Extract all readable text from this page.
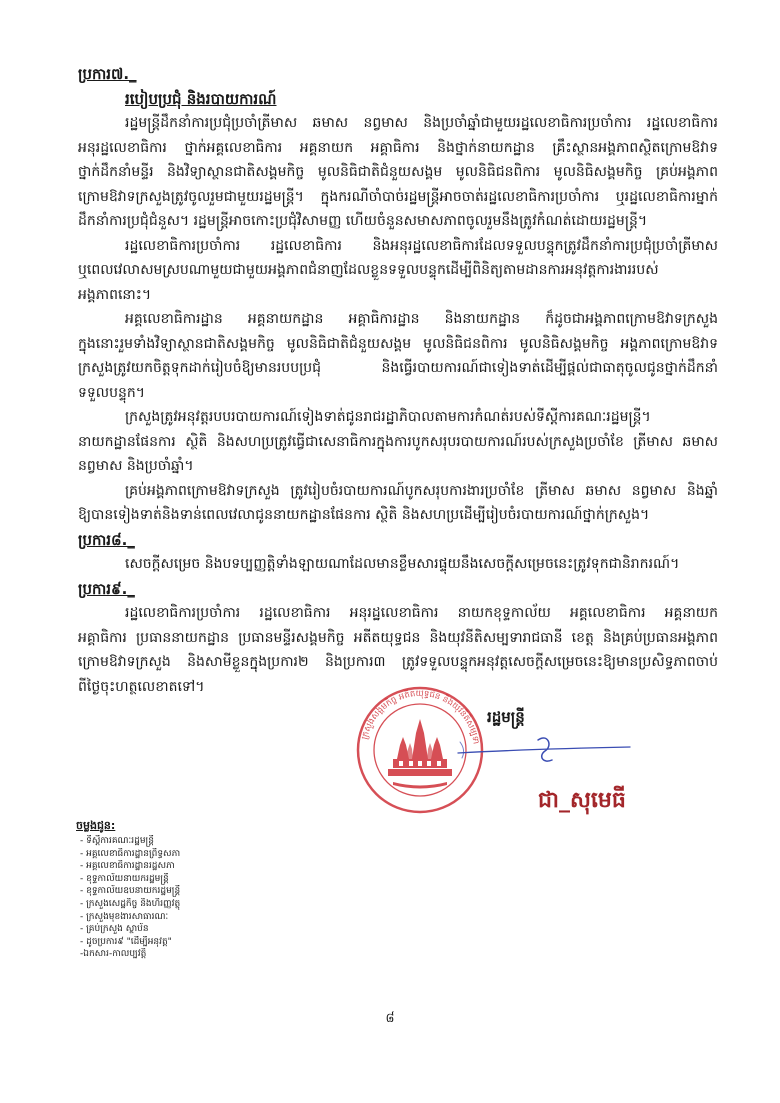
ប្រការ៧._
របៀបប្រជុំ និងរបាយការណ៍
រដ្ឋមន្ត្រីដឹកនាំការប្រជុំប្រចាំត្រីមាស ឆមាស នព្វមាស និងប្រចាំឆ្នាំជាមួយរដ្ឋលេខាធិការប្រចាំការ រដ្ឋលេខាធិការ
អនុរដ្ឋលេខាធិការ ថ្នាក់អគ្គលេខាធិការ អគ្គនាយក អគ្គាធិការ និងថ្នាក់នាយកដ្ឋាន គ្រឹះស្ថានអង្គភាពស្ថិតក្រោមឱវាទ
ថ្នាក់ដឹកនាំមន្ទីរ និងវិទ្យាស្ថានជាតិសង្គមកិច្ច មូលនិធិជាតិជំនួយសង្គម មូលនិធិជនពិការ មូលនិធិសង្គមកិច្ច គ្រប់អង្គភាព
ក្រោមឱវាទក្រសួងត្រូវចូលរួមជាមួយរដ្ឋមន្ត្រី។ ក្នុងករណីចាំបាច់រដ្ឋមន្ត្រីអាចចាត់រដ្ឋលេខាធិការប្រចាំការ ឬរដ្ឋលេខាធិការម្នាក់
ដឹកនាំការប្រជុំជំនួស។ រដ្ឋមន្ត្រីអាចកោះប្រជុំវិសាមញ្ញ ហើយចំនួនសមាសភាពចូលរួមនឹងត្រូវកំណត់ដោយរដ្ឋមន្ត្រី។
រដ្ឋលេខាធិការប្រចាំការ រដ្ឋលេខាធិការ និងអនុរដ្ឋលេខាធិការដែលទទួលបន្ទុកត្រូវដឹកនាំការប្រជុំប្រចាំត្រីមាស
ឬពេលវេលាសមស្របណាមួយជាមួយអង្គភាពជំនាញដែលខ្លួនទទួលបន្ទុកដើម្បីពិនិត្យតាមដានការអនុវត្តការងាររបស់
អង្គភាពនោះ។
អគ្គលេខាធិការដ្ឋាន អគ្គនាយកដ្ឋាន អគ្គាធិការដ្ឋាន និងនាយកដ្ឋាន ក៏ដូចជាអង្គភាពក្រោមឱវាទក្រសួង
ក្នុងនោះរួមទាំងវិទ្យាស្ថានជាតិសង្គមកិច្ច មូលនិធិជាតិជំនួយសង្គម មូលនិធិជនពិការ មូលនិធិសង្គមកិច្ច អង្គភាពក្រោមឱវាទ
ក្រសួងត្រូវយកចិត្តទុកដាក់រៀបចំឱ្យមានរបបប្រជុំ និងធ្វើរបាយការណ៍ជាទៀងទាត់ដើម្បីផ្ដល់ជាធាតុចូលជូនថ្នាក់ដឹកនាំ
ទទួលបន្ទុក។
ក្រសួងត្រូវអនុវត្តរបបរបាយការណ៍ទៀងទាត់ជូនរាជរដ្ឋាភិបាលតាមការកំណត់របស់ទីស្ដីការគណៈរដ្ឋមន្ត្រី។
នាយកដ្ឋានផែនការ ស្ថិតិ និងសហប្រត្រូវធ្វើជាសេនាធិការក្នុងការបូកសរុបរបាយការណ៍របស់ក្រសួងប្រចាំខែ ត្រីមាស ឆមាស
នព្វមាស និងប្រចាំឆ្នាំ។
គ្រប់អង្គភាពក្រោមឱវាទក្រសួង ត្រូវរៀបចំរបាយការណ៍បូកសរុបការងារប្រចាំខែ ត្រីមាស ឆមាស នព្វមាស និងឆ្នាំ
ឱ្យបានទៀងទាត់និងទាន់ពេលវេលាជូននាយកដ្ឋានផែនការ ស្ថិតិ និងសហប្រដើម្បីរៀបចំរបាយការណ៍ថ្នាក់ក្រសួង។
ប្រការ៨._
សេចក្ដីសម្រេច និងបទប្បញ្ញត្តិទាំងឡាយណាដែលមានខ្លឹមសារផ្ទុយនឹងសេចក្ដីសម្រេចនេះត្រូវទុកជានិរាករណ៍។
ប្រការ៩._
រដ្ឋលេខាធិការប្រចាំការ រដ្ឋលេខាធិការ អនុរដ្ឋលេខាធិការ នាយកខុទ្ទកាល័យ អគ្គលេខាធិការ អគ្គនាយក
អគ្គាធិការ ប្រធាននាយកដ្ឋាន ប្រធានមន្ទីរសង្គមកិច្ច អតីតយុទ្ធជន និងយុវនីតិសម្បទារាជធានី ខេត្ត និងគ្រប់ប្រធានអង្គភាព
ក្រោមឱវាទក្រសួង និងសាមីខ្លួនក្នុងប្រការ២ និងប្រការ៣ ត្រូវទទួលបន្ទុកអនុវត្តសេចក្ដីសម្រេចនេះឱ្យមានប្រសិទ្ធភាពចាប់
ពីថ្ងៃចុះហត្ថលេខាតទៅ។
រដ្ឋមន្ត្រី
ក្រសួងសង្គមកិច្ច អតីតយុទ្ធជន និងយុវនីតិសម្បទា
ជា_សុមេធី
ចម្លងជូន:
- ទីស្ដីការគណៈរដ្ឋមន្ត្រី
- អគ្គលេខាធិការដ្ឋានព្រឹទ្ធសភា
- អគ្គលេខាធិការដ្ឋានរដ្ឋសភា
- ខុទ្ទកាល័យនាយករដ្ឋមន្ត្រី
- ខុទ្ទកាល័យឧបនាយករដ្ឋមន្ត្រី
- ក្រសួងសេដ្ឋកិច្ច និងហិរញ្ញវត្ថុ
- ក្រសួងមុខងារសាធារណៈ
- គ្រប់ក្រសួង ស្ថាប័ន
- ដូចប្រការ៩ "ដើម្បីអនុវត្ត"
-ឯកសារ-កាលប្បវត្តិ
៨
